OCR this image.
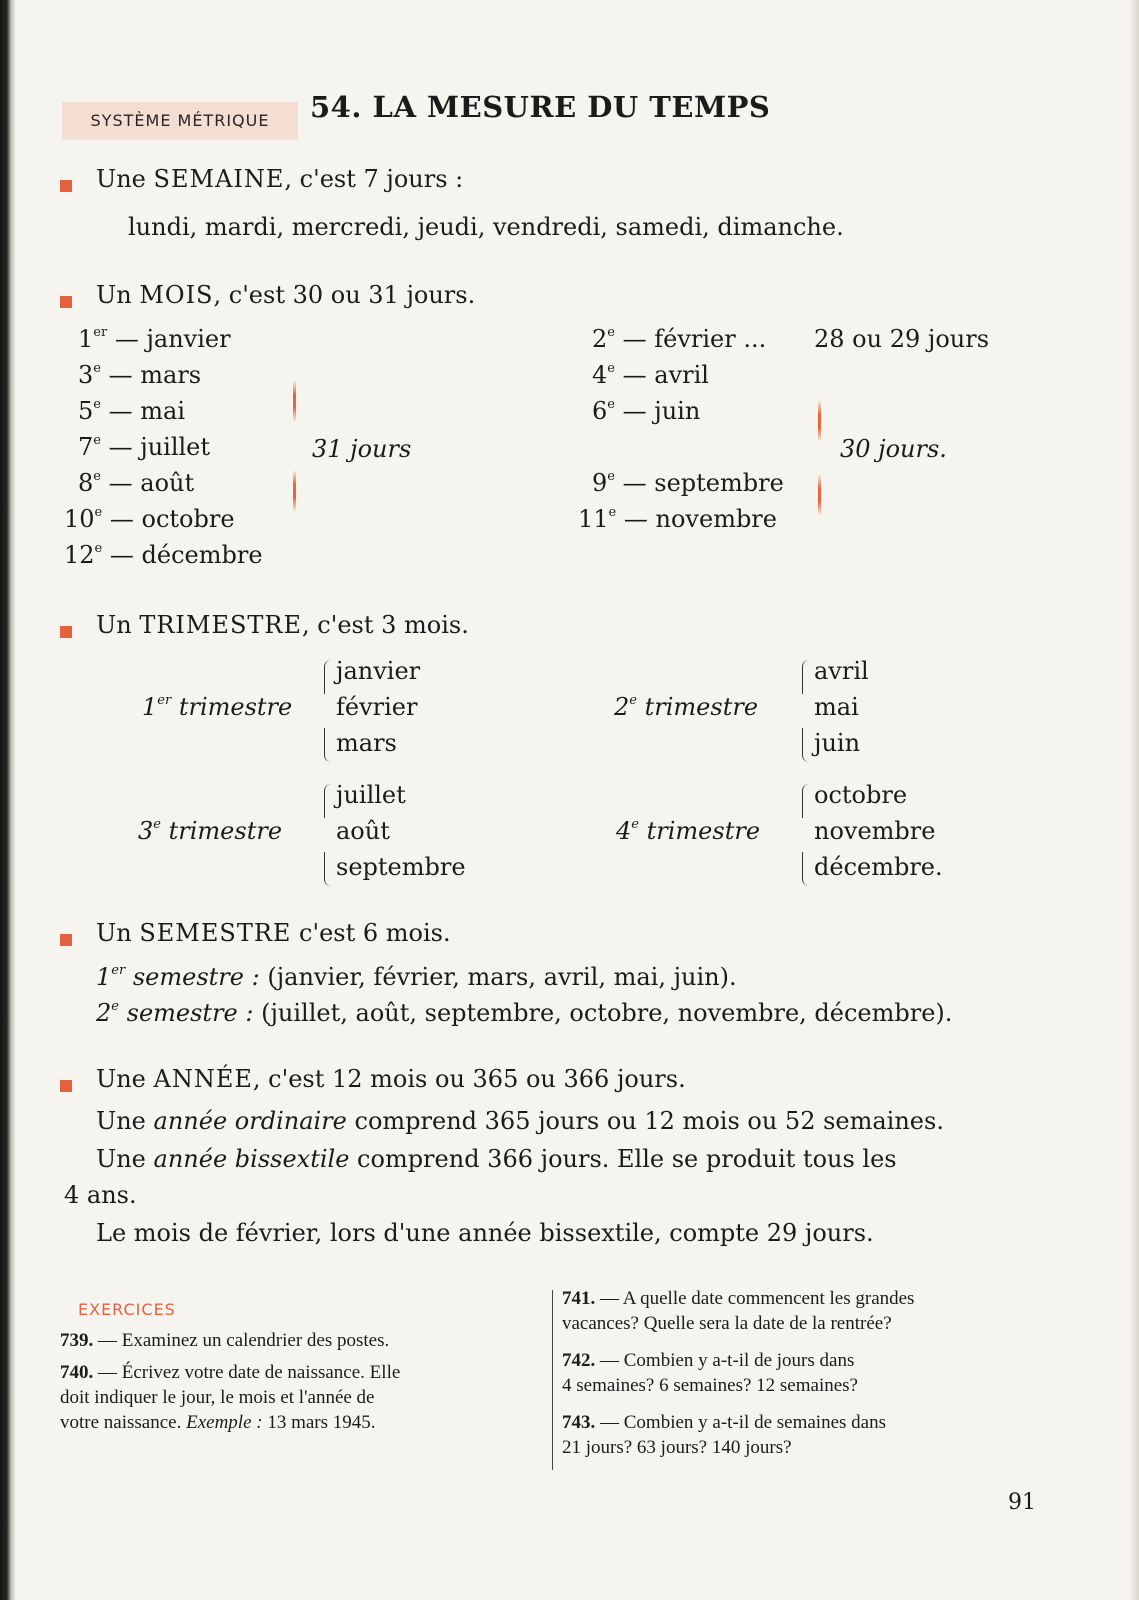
SYSTÈME MÉTRIQUE	54. LA MESURE DU TEMPS
Une SEMAINE, c'est 7 jours :
lundi, mardi, mercredi, jeudi, vendredi, samedi, dimanche.
Un MOIS, c'est 30 ou 31 jours.
1er — janvier
3e — mars
5e — mai
7e — juillet
8e — août
10e — octobre
12e — décembre
31 jours
2e — février ... 28 ou 29 jours
4e — avril
6e — juin
9e — septembre
11e — novembre
30 jours.
Un TRIMESTRE, c'est 3 mois.
1er trimestre
janvier
février
mars
2e trimestre
avril
mai
juin
3e trimestre
juillet
août
septembre
4e trimestre
octobre
novembre
décembre.
Un SEMESTRE c'est 6 mois.
1er semestre : (janvier, février, mars, avril, mai, juin).
2e semestre : (juillet, août, septembre, octobre, novembre, décembre).
Une ANNÉE, c'est 12 mois ou 365 ou 366 jours.
Une année ordinaire comprend 365 jours ou 12 mois ou 52 semaines.
Une année bissextile comprend 366 jours. Elle se produit tous les
4 ans.
Le mois de février, lors d'une année bissextile, compte 29 jours.
EXERCICES
739. — Examinez un calendrier des postes.
740. — Écrivez votre date de naissance. Elle
doit indiquer le jour, le mois et l'année de
votre naissance. Exemple : 13 mars 1945.
741. — A quelle date commencent les grandes
vacances? Quelle sera la date de la rentrée?
742. — Combien y a-t-il de jours dans
4 semaines? 6 semaines? 12 semaines?
743. — Combien y a-t-il de semaines dans
21 jours? 63 jours? 140 jours?
91
